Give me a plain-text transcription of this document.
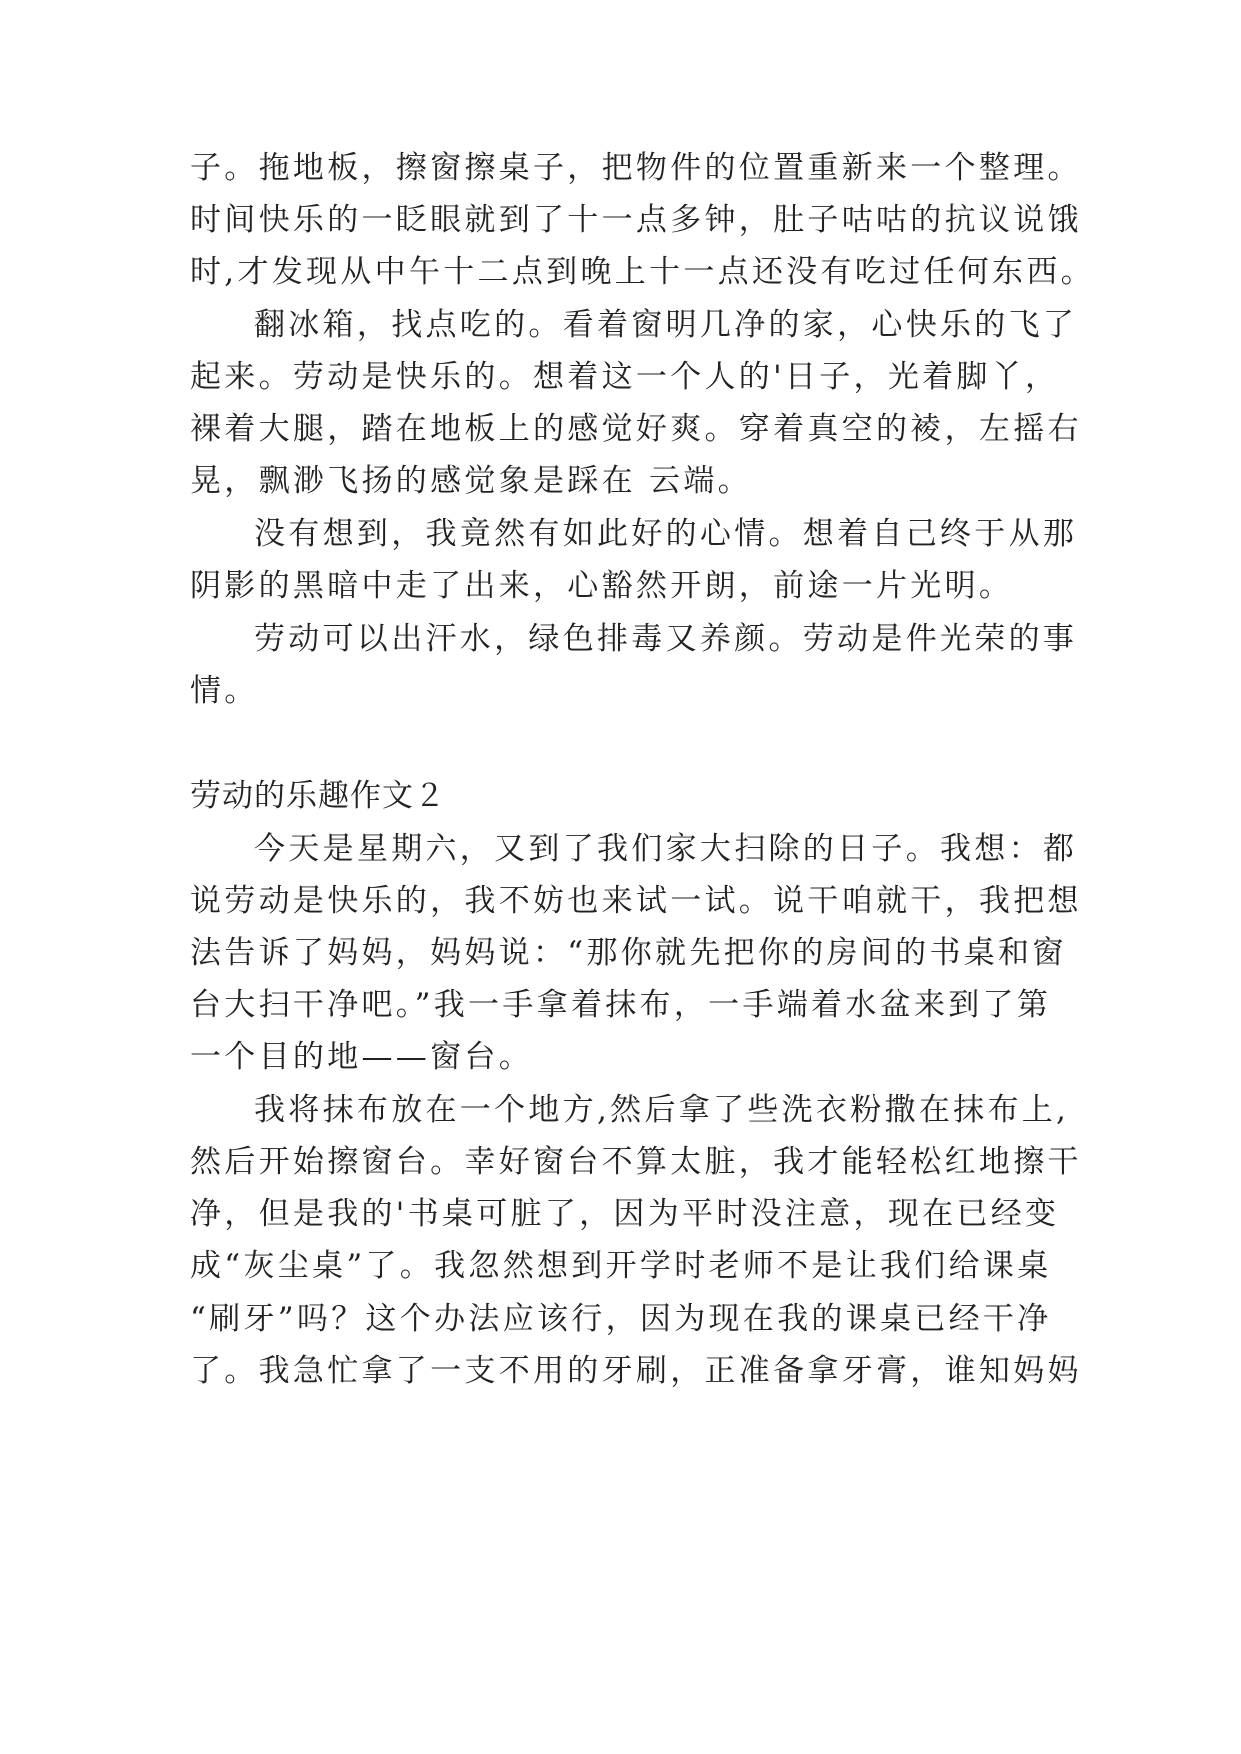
子。拖地板，擦窗擦桌子，把物件的位置重新来一个整理。
时间快乐的一眨眼就到了十一点多钟，肚子咕咕的抗议说饿
时,才发现从中午十二点到晚上十一点还没有吃过任何东西。
翻冰箱，找点吃的。看着窗明几净的家，心快乐的飞了
起来。劳动是快乐的。想着这一个人的'日子，光着脚丫，
裸着大腿，踏在地板上的感觉好爽。穿着真空的裬，左摇右
晃，飘渺飞扬的感觉象是踩在 云端。
没有想到，我竟然有如此好的心情。想着自己终于从那
阴影的黑暗中走了出来，心豁然开朗，前途一片光明。
劳动可以出汗水，绿色排毒又养颜。劳动是件光荣的事
情。
劳动的乐趣作文２
今天是星期六，又到了我们家大扫除的日子。我想：都
说劳动是快乐的，我不妨也来试一试。说干咱就干，我把想
法告诉了妈妈，妈妈说：“那你就先把你的房间的书桌和窗
台大扫干净吧。”我一手拿着抹布，一手端着水盆来到了第
一个目的地——窗台。
我将抹布放在一个地方,然后拿了些洗衣粉撒在抹布上,
然后开始擦窗台。幸好窗台不算太脏，我才能轻松红地擦干
净，但是我的'书桌可脏了，因为平时没注意，现在已经变
成“灰尘桌”了。我忽然想到开学时老师不是让我们给课桌
“刷牙”吗？这个办法应该行，因为现在我的课桌已经干净
了。我急忙拿了一支不用的牙刷，正准备拿牙膏，谁知妈妈
